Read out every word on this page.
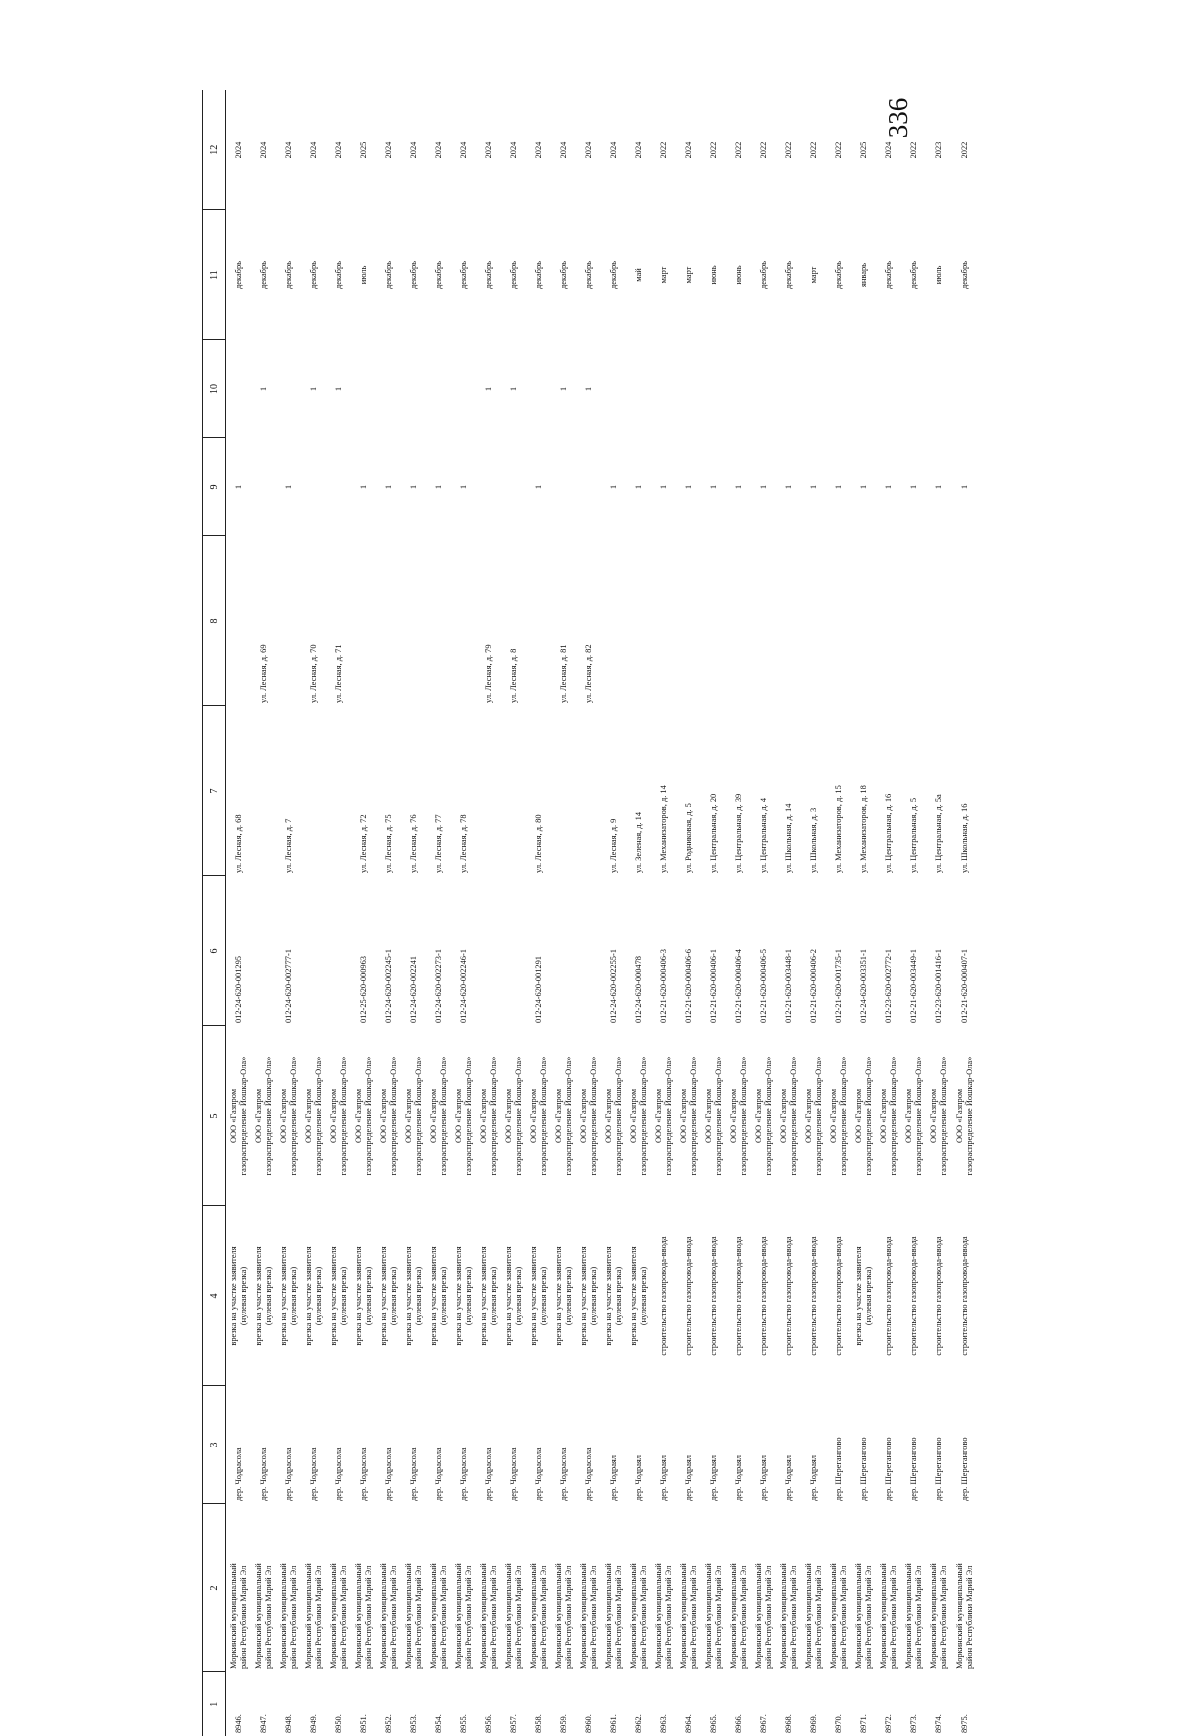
336
1	2	3	4	5	6	7	8	9	10	11	12
8946.	Моркинский муниципальный район Республики Марий Эл	дер. Чодрасола	врезка на участке заявителя (нулевая врезка)	ООО «Газпром газораспределение Йошкар-Ола»	012-24-620-001295	ул. Лесная, д. 68		1		декабрь	2024
8947.	Моркинский муниципальный район Республики Марий Эл	дер. Чодрасола	врезка на участке заявителя (нулевая врезка)	ООО «Газпром газораспределение Йошкар-Ола»			ул. Лесная, д. 69		1	декабрь	2024
8948.	Моркинский муниципальный район Республики Марий Эл	дер. Чодрасола	врезка на участке заявителя (нулевая врезка)	ООО «Газпром газораспределение Йошкар-Ола»	012-24-620-002777-1	ул. Лесная, д. 7		1		декабрь	2024
8949.	Моркинский муниципальный район Республики Марий Эл	дер. Чодрасола	врезка на участке заявителя (нулевая врезка)	ООО «Газпром газораспределение Йошкар-Ола»			ул. Лесная, д. 70		1	декабрь	2024
8950.	Моркинский муниципальный район Республики Марий Эл	дер. Чодрасола	врезка на участке заявителя (нулевая врезка)	ООО «Газпром газораспределение Йошкар-Ола»			ул. Лесная, д. 71		1	декабрь	2024
8951.	Моркинский муниципальный район Республики Марий Эл	дер. Чодрасола	врезка на участке заявителя (нулевая врезка)	ООО «Газпром газораспределение Йошкар-Ола»	012-25-620-000963	ул. Лесная, д. 72		1		июль	2025
8952.	Моркинский муниципальный район Республики Марий Эл	дер. Чодрасола	врезка на участке заявителя (нулевая врезка)	ООО «Газпром газораспределение Йошкар-Ола»	012-24-620-002245-1	ул. Лесная, д. 75		1		декабрь	2024
8953.	Моркинский муниципальный район Республики Марий Эл	дер. Чодрасола	врезка на участке заявителя (нулевая врезка)	ООО «Газпром газораспределение Йошкар-Ола»	012-24-620-002241	ул. Лесная, д. 76		1		декабрь	2024
8954.	Моркинский муниципальный район Республики Марий Эл	дер. Чодрасола	врезка на участке заявителя (нулевая врезка)	ООО «Газпром газораспределение Йошкар-Ола»	012-24-620-002273-1	ул. Лесная, д. 77		1		декабрь	2024
8955.	Моркинский муниципальный район Республики Марий Эл	дер. Чодрасола	врезка на участке заявителя (нулевая врезка)	ООО «Газпром газораспределение Йошкар-Ола»	012-24-620-002246-1	ул. Лесная, д. 78		1		декабрь	2024
8956.	Моркинский муниципальный район Республики Марий Эл	дер. Чодрасола	врезка на участке заявителя (нулевая врезка)	ООО «Газпром газораспределение Йошкар-Ола»			ул. Лесная, д. 79		1	декабрь	2024
8957.	Моркинский муниципальный район Республики Марий Эл	дер. Чодрасола	врезка на участке заявителя (нулевая врезка)	ООО «Газпром газораспределение Йошкар-Ола»			ул. Лесная, д. 8		1	декабрь	2024
8958.	Моркинский муниципальный район Республики Марий Эл	дер. Чодрасола	врезка на участке заявителя (нулевая врезка)	ООО «Газпром газораспределение Йошкар-Ола»	012-24-620-001291	ул. Лесная, д. 80		1		декабрь	2024
8959.	Моркинский муниципальный район Республики Марий Эл	дер. Чодрасола	врезка на участке заявителя (нулевая врезка)	ООО «Газпром газораспределение Йошкар-Ола»			ул. Лесная, д. 81		1	декабрь	2024
8960.	Моркинский муниципальный район Республики Марий Эл	дер. Чодрасола	врезка на участке заявителя (нулевая врезка)	ООО «Газпром газораспределение Йошкар-Ола»			ул. Лесная, д. 82		1	декабрь	2024
8961.	Моркинский муниципальный район Республики Марий Эл	дер. Чодраял	врезка на участке заявителя (нулевая врезка)	ООО «Газпром газораспределение Йошкар-Ола»	012-24-620-002255-1	ул. Лесная, д. 9		1		декабрь	2024
8962.	Моркинский муниципальный район Республики Марий Эл	дер. Чодраял	врезка на участке заявителя (нулевая врезка)	ООО «Газпром газораспределение Йошкар-Ола»	012-24-620-000478	ул. Зеленая, д. 14		1		май	2024
8963.	Моркинский муниципальный район Республики Марий Эл	дер. Чодраял	строительство газопровода-ввода	ООО «Газпром газораспределение Йошкар-Ола»	012-21-620-000406-3	ул. Механизаторов, д. 14		1		март	2022
8964.	Моркинский муниципальный район Республики Марий Эл	дер. Чодраял	строительство газопровода-ввода	ООО «Газпром газораспределение Йошкар-Ола»	012-21-620-000406-6	ул. Родниковая, д. 5		1		март	2024
8965.	Моркинский муниципальный район Республики Марий Эл	дер. Чодраял	строительство газопровода-ввода	ООО «Газпром газораспределение Йошкар-Ола»	012-21-620-000406-1	ул. Центральная, д. 20		1		июнь	2022
8966.	Моркинский муниципальный район Республики Марий Эл	дер. Чодраял	строительство газопровода-ввода	ООО «Газпром газораспределение Йошкар-Ола»	012-21-620-000406-4	ул. Центральная, д. 39		1		июнь	2022
8967.	Моркинский муниципальный район Республики Марий Эл	дер. Чодраял	строительство газопровода-ввода	ООО «Газпром газораспределение Йошкар-Ола»	012-21-620-000406-5	ул. Центральная, д. 4		1		декабрь	2022
8968.	Моркинский муниципальный район Республики Марий Эл	дер. Чодраял	строительство газопровода-ввода	ООО «Газпром газораспределение Йошкар-Ола»	012-21-620-003448-1	ул. Школьная, д. 14		1		декабрь	2022
8969.	Моркинский муниципальный район Республики Марий Эл	дер. Чодраял	строительство газопровода-ввода	ООО «Газпром газораспределение Йошкар-Ола»	012-21-620-000406-2	ул. Школьная, д. 3		1		март	2022
8970.	Моркинский муниципальный район Республики Марий Эл	дер. Шерегангово	строительство газопровода-ввода	ООО «Газпром газораспределение Йошкар-Ола»	012-21-620-001735-1	ул. Механизаторов, д. 15		1		декабрь	2022
8971.	Моркинский муниципальный район Республики Марий Эл	дер. Шерегангово	врезка на участке заявителя (нулевая врезка)	ООО «Газпром газораспределение Йошкар-Ола»	012-24-620-003351-1	ул. Механизаторов, д. 18		1		январь	2025
8972.	Моркинский муниципальный район Республики Марий Эл	дер. Шерегангово	строительство газопровода-ввода	ООО «Газпром газораспределение Йошкар-Ола»	012-23-620-002772-1	ул. Центральная, д. 16		1		декабрь	2024
8973.	Моркинский муниципальный район Республики Марий Эл	дер. Шерегангово	строительство газопровода-ввода	ООО «Газпром газораспределение Йошкар-Ола»	012-21-620-003449-1	ул. Центральная, д. 5		1		декабрь	2022
8974.	Моркинский муниципальный район Республики Марий Эл	дер. Шерегангово	строительство газопровода-ввода	ООО «Газпром газораспределение Йошкар-Ола»	012-23-620-001416-1	ул. Центральная, д. 5а		1		июль	2023
8975.	Моркинский муниципальный район Республики Марий Эл	дер. Шерегангово	строительство газопровода-ввода	ООО «Газпром газораспределение Йошкар-Ола»	012-21-620-000407-1	ул. Школьная, д. 16		1		декабрь	2022
